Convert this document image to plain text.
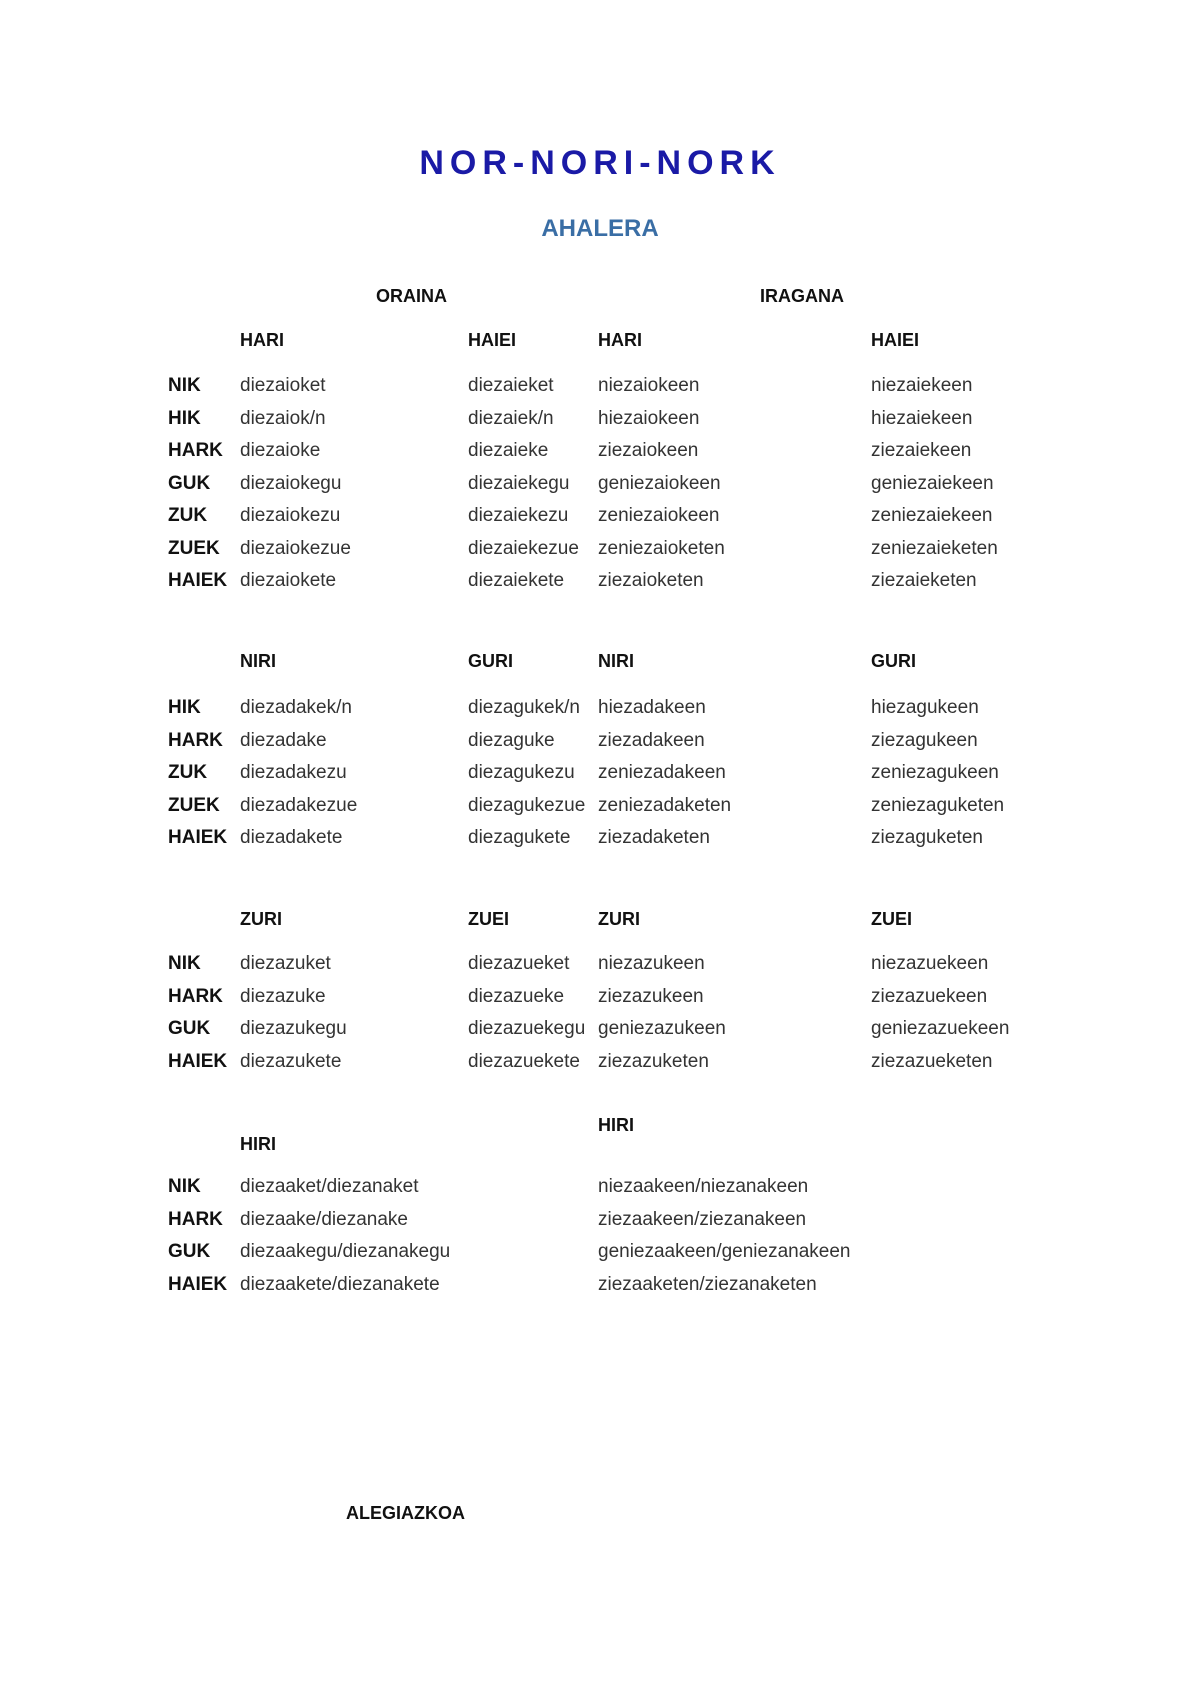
NOR-NORI-NORK
AHALERA
ORAINA	IRAGANA
HARI	HAIEI	HARI	HAIEI
NIK diezaioket	diezaieket niezaiokeen	niezaiekeen
HIK diezaiok/n	diezaiek/n hiezaiokeen	hiezaiekeen
HARK diezaioke	diezaieke	ziezaiokeen	ziezaiekeen
GUK diezaiokegu	diezaiekegu geniezaiokeen	geniezaiekeen
ZUK diezaiokezu	diezaiekezu zeniezaiokeen	zeniezaiekeen
ZUEK diezaiokezue	diezaiekezue zeniezaioketen	zeniezaieketen
HAIEK diezaiokete	diezaiekete ziezaioketen	ziezaieketen
NIRI	GURI	NIRI	GURI
HIK diezadakek/n	diezagukek/n hiezadakeen	hiezagukeen
HARK diezadake	diezaguke ziezadakeen	ziezagukeen
ZUK diezadakezu	diezagukezu zeniezadakeen	zeniezagukeen
ZUEK diezadakezue	diezagukezue zeniezadaketen	zeniezaguketen
HAIEK diezadakete	diezagukete ziezadaketen	ziezaguketen
ZURI	ZUEI	ZURI	ZUEI
NIK diezazuket	diezazueket niezazukeen	niezazuekeen
HARK diezazuke	diezazueke ziezazukeen	ziezazuekeen
GUK diezazukegu	diezazuekegu geniezazukeen	geniezazuekeen
HAIEK diezazukete	diezazuekete ziezazuketen	ziezazueketen
HIRI
HIRI
NIK diezaaket/diezanaket	niezaakeen/niezanakeen
HARK diezaake/diezanake	ziezaakeen/ziezanakeen
GUK diezaakegu/diezanakegu	geniezaakeen/geniezanakeen
HAIEK diezaakete/diezanakete	ziezaaketen/ziezanaketen
ALEGIAZKOA
